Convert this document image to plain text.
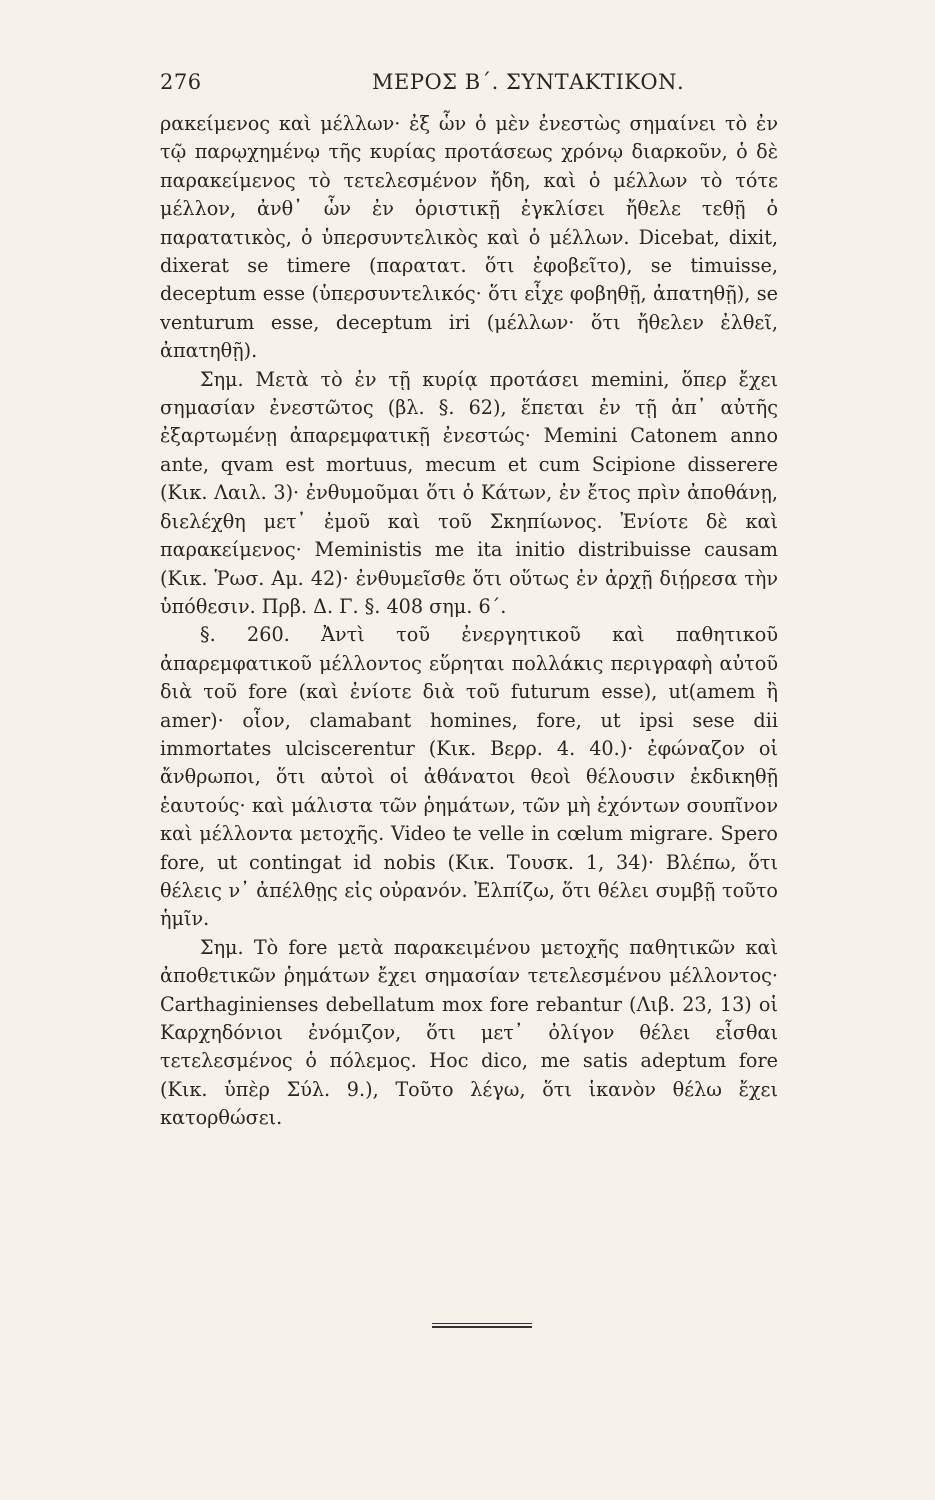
276	ΜΕΡΟΣ Β΄. ΣΥΝΤΑΚΤΙΚΟΝ.

ρακείμενος καὶ μέλλων· ἐξ ὧν ὁ μὲν ἐνεστὼς σημαίνει τὸ ἐν τῷ παρῳχημένῳ τῆς κυρίας προτάσεως χρόνῳ διαρκοῦν, ὁ δὲ παρακείμενος τὸ τετελεσμένον ἤδη, καὶ ὁ μέλλων τὸ τότε μέλλον, ἀνθ᾿ ὧν ἐν ὁριστικῇ ἐγκλίσει ἤθελε τεθῇ ὁ παρατατικὸς, ὁ ὑπερσυντελικὸς καὶ ὁ μέλλων. Dicebat, dixit, dixerat se timere (παρατατ. ὅτι ἐφοβεῖτο), se timuisse, deceptum esse (ὑπερσυντελικός· ὅτι εἶχε φοβηθῇ, ἀπατηθῇ), se venturum esse, deceptum iri (μέλλων· ὅτι ἤθελεν ἐλθεῖ, ἀπατηθῇ).

Σημ. Μετὰ τὸ ἐν τῇ κυρίᾳ προτάσει memini, ὅπερ ἔχει σημασίαν ἐνεστῶτος (βλ. §. 62), ἕπεται ἐν τῇ ἀπ᾿ αὐτῆς ἐξαρτωμένῃ ἀπαρεμφατικῇ ἐνεστώς· Memini Catonem anno ante, qvam est mortuus, mecum et cum Scipione disserere (Κικ. Λαιλ. 3)· ἐνθυμοῦμαι ὅτι ὁ Κάτων, ἐν ἔτος πρὶν ἀποθάνῃ, διελέχθη μετ᾿ ἐμοῦ καὶ τοῦ Σκηπίωνος. Ἐνίοτε δὲ καὶ παρακείμενος· Meministis me ita initio distribuisse causam (Κικ. Ῥωσ. Αμ. 42)· ἐνθυμεῖσθε ὅτι οὕτως ἐν ἀρχῇ διῄρεσα τὴν ὑπόθεσιν. Πρβ. Δ. Γ. §. 408 σημ. 6΄.

§. 260. Ἀντὶ τοῦ ἐνεργητικοῦ καὶ παθητικοῦ ἀπαρεμφατικοῦ μέλλοντος εὕρηται πολλάκις περιγραφὴ αὐτοῦ διὰ τοῦ fore (καὶ ἐνίοτε διὰ τοῦ futurum esse), ut(amem ἢ amer)· οἷον, clamabant homines, fore, ut ipsi sese dii immortates ulciscerentur (Κικ. Βερρ. 4. 40.)· ἐφώναζον οἱ ἄνθρωποι, ὅτι αὐτοὶ οἱ ἀθάνατοι θεοὶ θέλουσιν ἐκδικηθῇ ἑαυτούς· καὶ μάλιστα τῶν ῥημάτων, τῶν μὴ ἐχόντων σουπῖνον καὶ μέλλοντα μετοχῆς. Video te velle in cœlum migrare. Spero fore, ut contingat id nobis (Κικ. Τουσκ. 1, 34)· Βλέπω, ὅτι θέλεις ν᾿ ἀπέλθῃς εἰς οὐρανόν. Ἐλπίζω, ὅτι θέλει συμβῇ τοῦτο ἡμῖν.

Σημ. Τὸ fore μετὰ παρακειμένου μετοχῆς παθητικῶν καὶ ἀποθετικῶν ῥημάτων ἔχει σημασίαν τετελεσμένου μέλλοντος· Carthaginienses debellatum mox fore rebantur (Λιβ. 23, 13) οἱ Καρχηδόνιοι ἐνόμιζον, ὅτι μετ᾿ ὀλίγον θέλει εἶσθαι τετελεσμένος ὁ πόλεμος. Hoc dico, me satis adeptum fore (Κικ. ὑπὲρ Σύλ. 9.), Τοῦτο λέγω, ὅτι ἱκανὸν θέλω ἔχει κατορθώσει.
